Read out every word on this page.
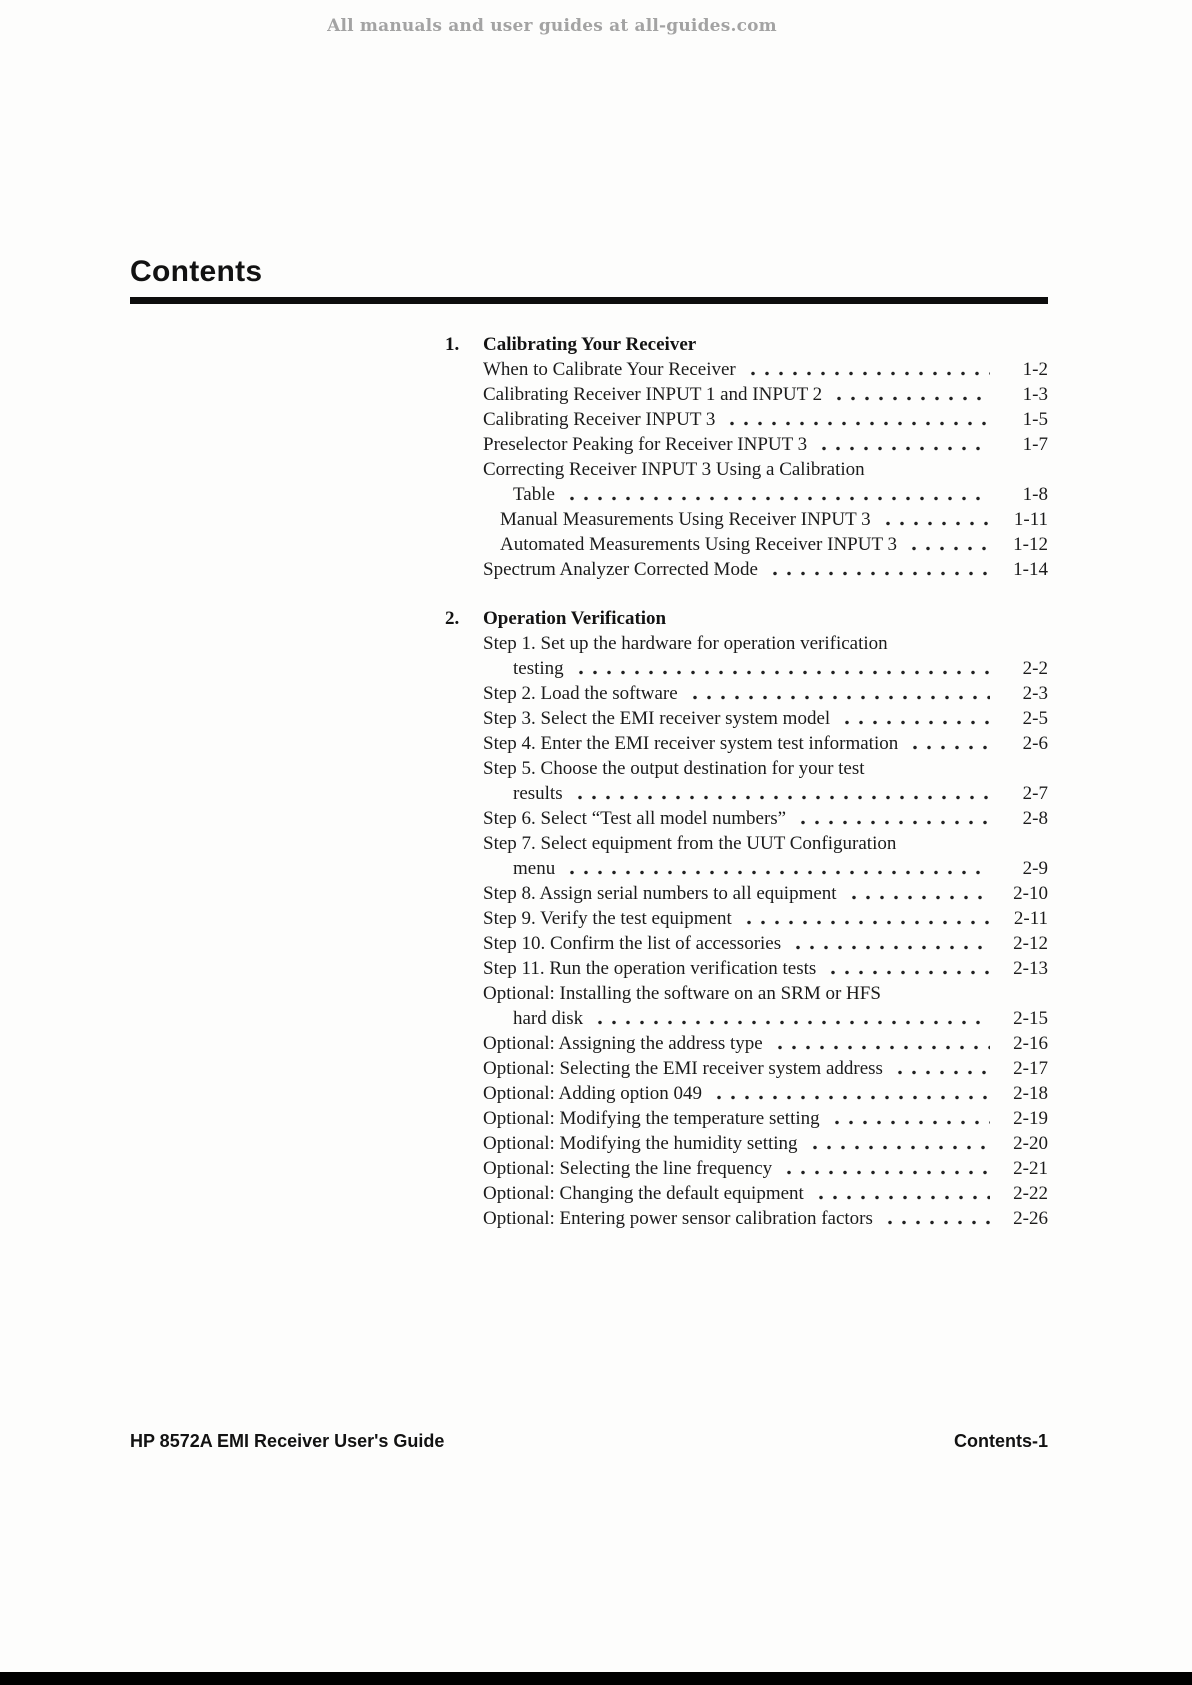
All manuals and user guides at all-guides.com
Contents
1.	Calibrating Your Receiver
When to Calibrate Your Receiver	1-2
Calibrating Receiver INPUT 1 and INPUT 2	1-3
Calibrating Receiver INPUT 3	1-5
Preselector Peaking for Receiver INPUT 3	1-7
Correcting Receiver INPUT 3 Using a Calibration
Table	1-8
Manual Measurements Using Receiver INPUT 3	1-11
Automated Measurements Using Receiver INPUT 3	1-12
Spectrum Analyzer Corrected Mode	1-14
2.	Operation Verification
Step 1. Set up the hardware for operation verification
testing	2-2
Step 2. Load the software	2-3
Step 3. Select the EMI receiver system model	2-5
Step 4. Enter the EMI receiver system test information	2-6
Step 5. Choose the output destination for your test
results	2-7
Step 6. Select “Test all model numbers”	2-8
Step 7. Select equipment from the UUT Configuration
menu	2-9
Step 8. Assign serial numbers to all equipment	2-10
Step 9. Verify the test equipment	2-11
Step 10. Confirm the list of accessories	2-12
Step 11. Run the operation verification tests	2-13
Optional: Installing the software on an SRM or HFS
hard disk	2-15
Optional: Assigning the address type	2-16
Optional: Selecting the EMI receiver system address	2-17
Optional: Adding option 049	2-18
Optional: Modifying the temperature setting	2-19
Optional: Modifying the humidity setting	2-20
Optional: Selecting the line frequency	2-21
Optional: Changing the default equipment	2-22
Optional: Entering power sensor calibration factors	2-26
HP 8572A EMI Receiver User's Guide	Contents-1
